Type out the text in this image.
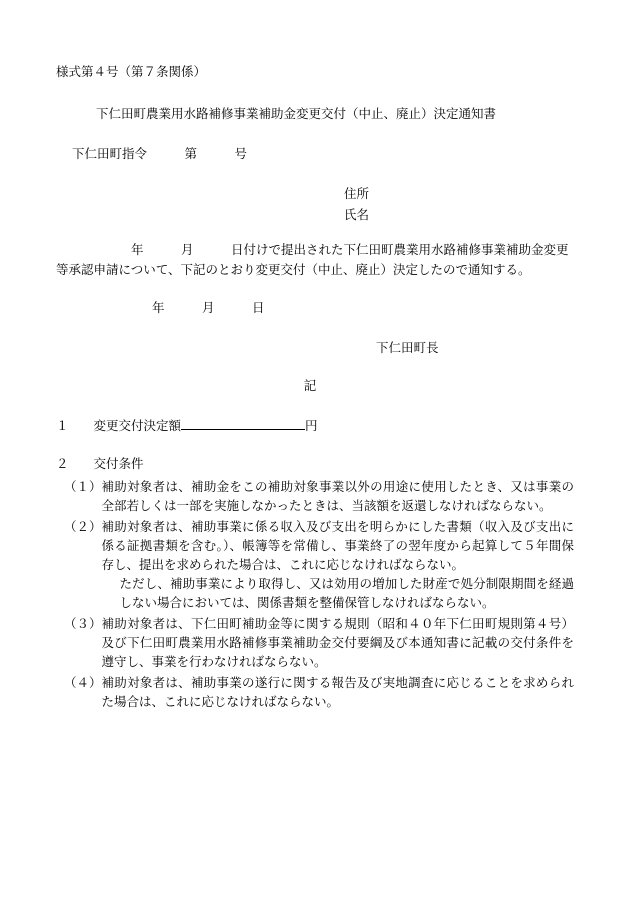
様式第４号（第７条関係）
下仁田町農業用水路補修事業補助金変更交付（中止、廃止）決定通知書
下仁田町指令　　　第　　　号
住所
氏名
　　　　　　年　　　月　　　日付けで提出された下仁田町農業用水路補修事業補助金変更
等承認申請について、下記のとおり変更交付（中止、廃止）決定したので通知する。
年　　　月　　　日
下仁田町長
記
１　　変更交付決定額	円
２　　交付条件
（１） 補助対象者は、補助金をこの補助対象事業以外の用途に使用したとき、又は事業の全部若しくは一部を実施しなかったときは、当該額を返還しなければならない。
（２） 補助対象者は、補助事業に係る収入及び支出を明らかにした書類（収入及び支出に係る証拠書類を含む。）、帳簿等を常備し、事業終了の翌年度から起算して５年間保存し、提出を求められた場合は、これに応じなければならない。
ただし、補助事業により取得し、又は効用の増加した財産で処分制限期間を経過しない場合においては、関係書類を整備保管しなければならない。
（３） 補助対象者は、下仁田町補助金等に関する規則（昭和４０年下仁田町規則第４号）及び下仁田町農業用水路補修事業補助金交付要綱及び本通知書に記載の交付条件を遵守し、事業を行わなければならない。
（４） 補助対象者は、補助事業の遂行に関する報告及び実地調査に応じることを求められた場合は、これに応じなければならない。
